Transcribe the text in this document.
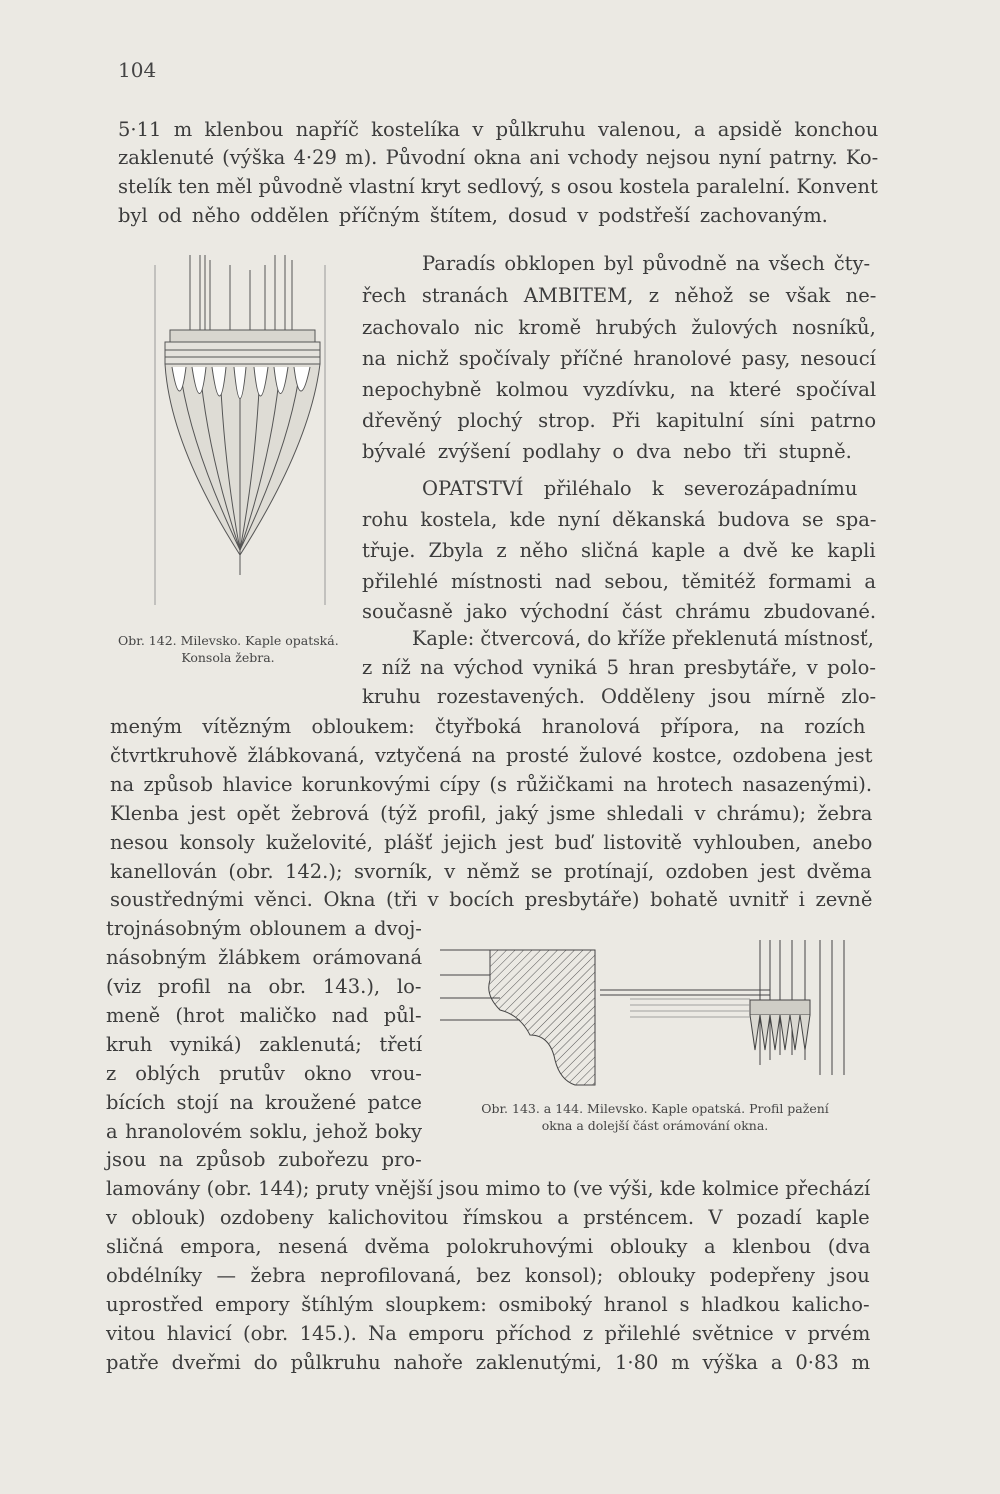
104
5·11 m klenbou napříč kostelíka v půlkruhu valenou, a apsidě konchou
zaklenuté (výška 4·29 m). Původní okna ani vchody nejsou nyní patrny. Ko-
stelík ten měl původně vlastní kryt sedlový, s osou kostela paralelní. Konvent
byl od něho oddělen příčným štítem, dosud v podstřeší zachovaným.
Paradís obklopen byl původně na všech čty-
řech stranách AMBITEM, z něhož se však ne-
zachovalo nic kromě hrubých žulových nosníků,
na nichž spočívaly příčné hranolové pasy, nesoucí
nepochybně kolmou vyzdívku, na které spočíval
dřevěný plochý strop. Při kapitulní síni patrno
bývalé zvýšení podlahy o dva nebo tři stupně.
OPATSTVÍ přiléhalo k severozápadnímu
rohu kostela, kde nyní děkanská budova se spa-
třuje. Zbyla z něho sličná kaple a dvě ke kapli
přilehlé místnosti nad sebou, těmitéž formami a
současně jako východní část chrámu zbudované.
Kaple: čtvercová, do kříže překlenutá místnosť,
z níž na východ vyniká 5 hran presbytáře, v polo-
kruhu rozestavených. Odděleny jsou mírně zlo-
meným vítězným obloukem: čtyřboká hranolová přípora, na rozích
čtvrtkruhově žlábkovaná, vztyčená na prosté žulové kostce, ozdobena jest
na způsob hlavice korunkovými cípy (s růžičkami na hrotech nasazenými).
Klenba jest opět žebrová (týž profil, jaký jsme shledali v chrámu); žebra
nesou konsoly kuželovité, plášť jejich jest buď listovitě vyhlouben, anebo
kanellován (obr. 142.); svorník, v němž se protínají, ozdoben jest dvěma
soustřednými věnci. Okna (tři v bocích presbytáře) bohatě uvnitř i zevně
trojnásobným oblounem a dvoj-
násobným žlábkem orámovaná
(viz profil na obr. 143.), lo-
meně (hrot maličko nad půl-
kruh vyniká) zaklenutá; třetí
z oblých prutův okno vrou-
bících stojí na kroužené patce
a hranolovém soklu, jehož boky
jsou na způsob zubořezu pro-
lamovány (obr. 144); pruty vnější jsou mimo to (ve výši, kde kolmice přechází
v oblouk) ozdobeny kalichovitou římskou a prsténcem. V pozadí kaple
sličná empora, nesená dvěma polokruhovými oblouky a klenbou (dva
obdélníky — žebra neprofilovaná, bez konsol); oblouky podepřeny jsou
uprostřed empory štíhlým sloupkem: osmiboký hranol s hladkou kalicho-
vitou hlavicí (obr. 145.). Na emporu příchod z přilehlé světnice v prvém
patře dveřmi do půlkruhu nahoře zaklenutými, 1·80 m výška a 0·83 m
Obr. 142. Milevsko. Kaple opatská.
Konsola žebra.
Obr. 143. a 144. Milevsko. Kaple opatská. Profil pažení
okna a dolejší část orámování okna.
